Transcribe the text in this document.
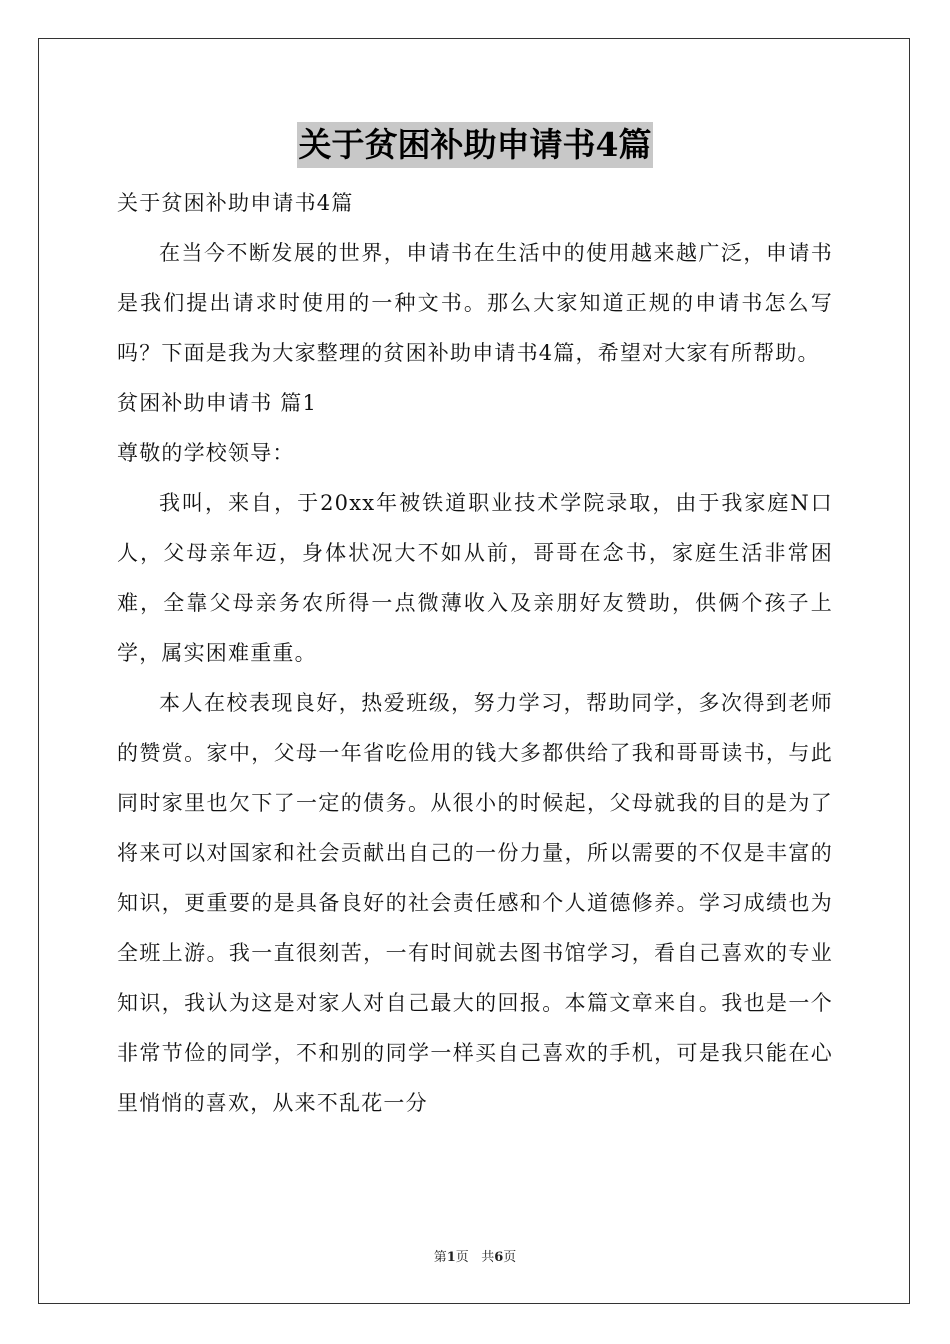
关于贫困补助申请书4篇

关于贫困补助申请书4篇

在当今不断发展的世界，申请书在生活中的使用越来越广泛，申请书是我们提出请求时使用的一种文书。那么大家知道正规的申请书怎么写吗？下面是我为大家整理的贫困补助申请书4篇，希望对大家有所帮助。

贫困补助申请书 篇1

尊敬的学校领导：

我叫，来自，于20xx年被铁道职业技术学院录取，由于我家庭N口人，父母亲年迈，身体状况大不如从前，哥哥在念书，家庭生活非常困难，全靠父母亲务农所得一点微薄收入及亲朋好友赞助，供俩个孩子上学，属实困难重重。

本人在校表现良好，热爱班级，努力学习，帮助同学，多次得到老师的赞赏。家中，父母一年省吃俭用的钱大多都供给了我和哥哥读书，与此同时家里也欠下了一定的债务。从很小的时候起，父母就我的目的是为了将来可以对国家和社会贡献出自己的一份力量，所以需要的不仅是丰富的知识，更重要的是具备良好的社会责任感和个人道德修养。学习成绩也为全班上游。我一直很刻苦，一有时间就去图书馆学习，看自己喜欢的专业知识，我认为这是对家人对自己最大的回报。本篇文章来自。我也是一个非常节俭的同学，不和别的同学一样买自己喜欢的手机，可是我只能在心里悄悄的喜欢，从来不乱花一分

第1页 共6页
